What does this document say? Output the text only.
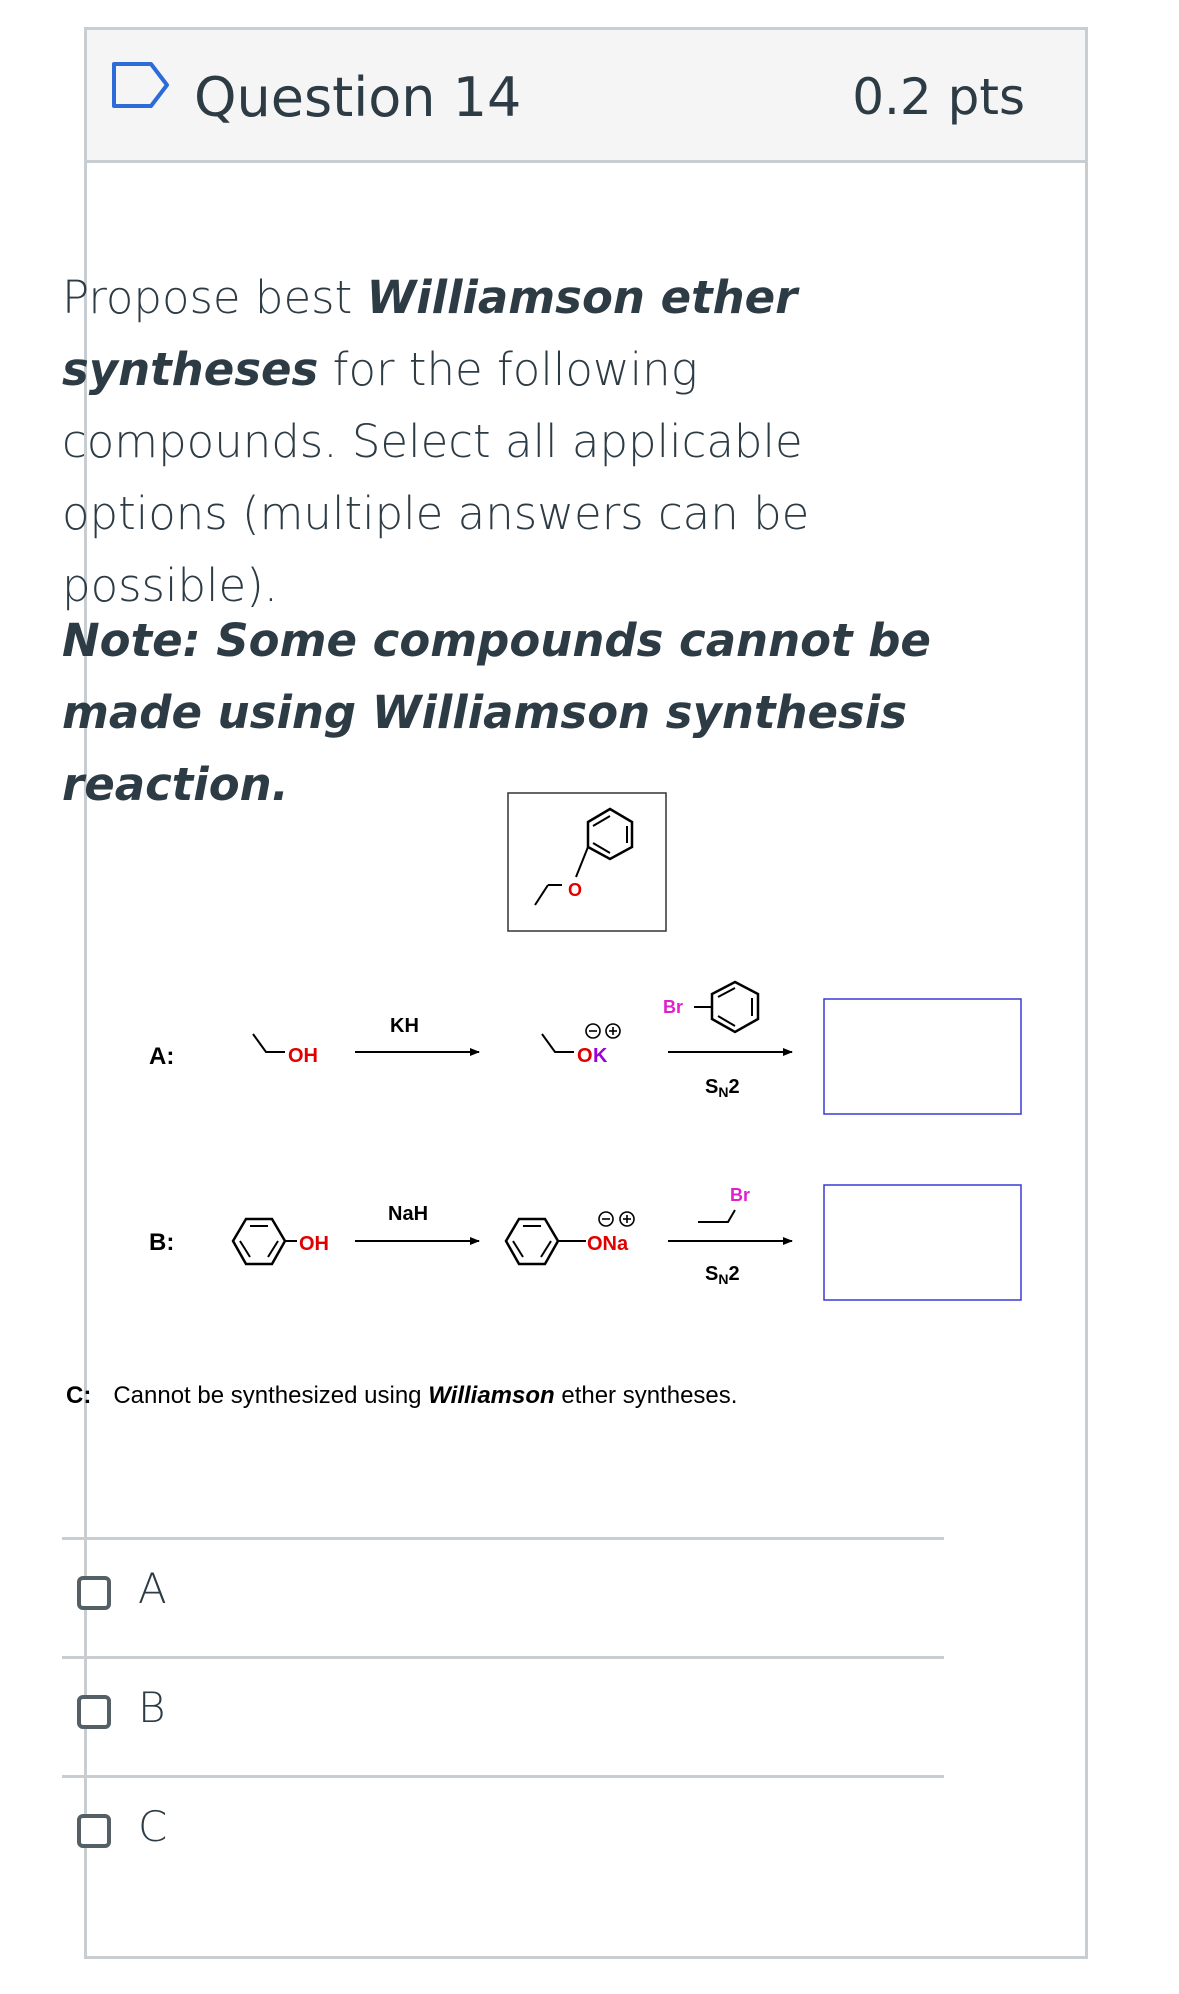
Question 14	0.2 pts
Propose best Williamson ether syntheses for the following compounds. Select all applicable options (multiple answers can be possible).
Note: Some compounds cannot be made using Williamson synthesis reaction.
O
A:	OH
KH
O K
Br
$S_N2$
B:	OH
NaH
ONa
Br
$S_N2$
C: Cannot be synthesized using Williamson ether syntheses.
A
B
C
